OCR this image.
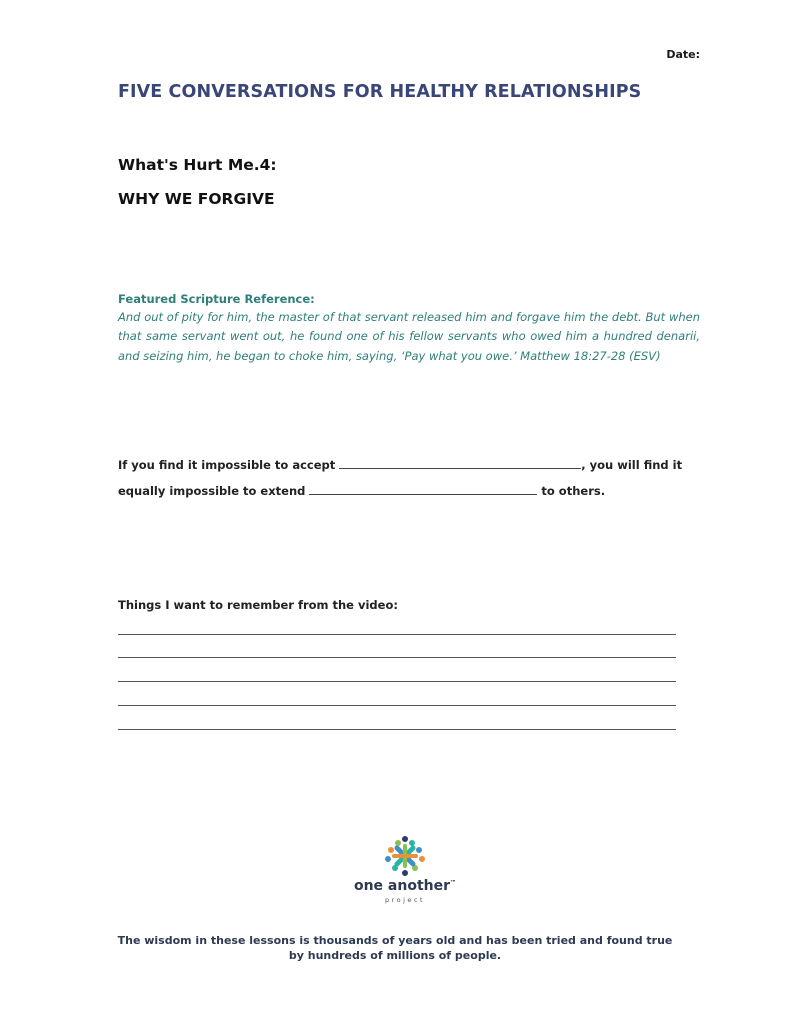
Date:
FIVE CONVERSATIONS FOR HEALTHY RELATIONSHIPS
What's Hurt Me.4:
WHY WE FORGIVE
Featured Scripture Reference:
And out of pity for him, the master of that servant released him and forgave him the debt. But when that same servant went out, he found one of his fellow servants who owed him a hundred denarii, and seizing him, he began to choke him, saying, ‘Pay what you owe.’ Matthew 18:27-28 (ESV)
If you find it impossible to accept	, you will find it
equally impossible to extend	to others.
Things I want to remember from the video:
one another™
project
The wisdom in these lessons is thousands of years old and has been tried and found true by hundreds of millions of people.
